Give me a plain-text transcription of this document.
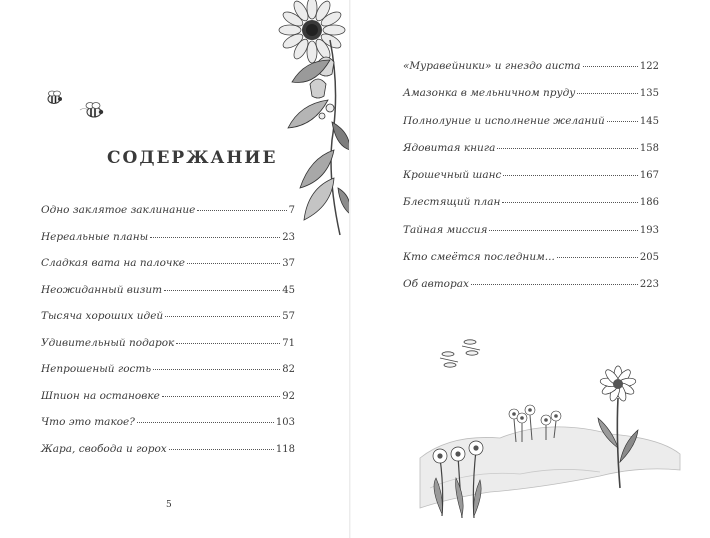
СОДЕРЖАНИЕ
Одно заклятое заклинание	7
Нереальные планы	23
Сладкая вата на палочке	37
Неожиданный визит	45
Тысяча хороших идей	57
Удивительный подарок	71
Непрошеный гость	82
Шпион на остановке	92
Что это такое?	103
Жара, свобода и горох	118
5
«Муравейники» и гнездо аиста	122
Амазонка в мельничном пруду	135
Полнолуние и исполнение желаний	145
Ядовитая книга	158
Крошечный шанс	167
Блестящий план	186
Тайная миссия	193
Кто смеётся последним...	205
Об авторах	223
